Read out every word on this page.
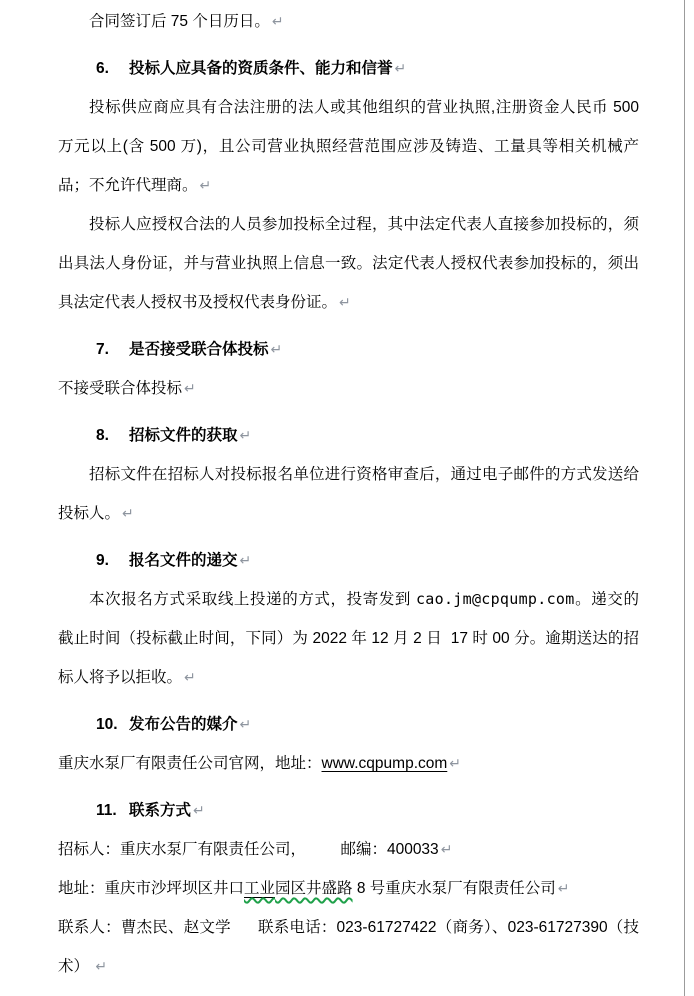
合同签订后 75 个日历日。 ↵

6. 投标人应具备的资质条件、能力和信誉 ↵

投标供应商应具有合法注册的法人或其他组织的营业执照,注册资金人民币 500 万元以上(含 500 万)，且公司营业执照经营范围应涉及铸造、工量具等相关机械产品；不允许代理商。 ↵

投标人应授权合法的人员参加投标全过程，其中法定代表人直接参加投标的，须出具法人身份证，并与营业执照上信息一致。法定代表人授权代表参加投标的，须出具法定代表人授权书及授权代表身份证。 ↵

7. 是否接受联合体投标 ↵

不接受联合体投标 ↵

8. 招标文件的获取 ↵

招标文件在招标人对投标报名单位进行资格审查后，通过电子邮件的方式发送给投标人。 ↵

9. 报名文件的递交 ↵

本次报名方式采取线上投递的方式，投寄发到 cao.jm@cpqump.com。递交的截止时间（投标截止时间，下同）为 2022 年 12 月 2 日  17 时 00 分。逾期送达的招标人将予以拒收。 ↵

10. 发布公告的媒介 ↵

重庆水泵厂有限责任公司官网，地址：www.cqpump.com ↵

11. 联系方式 ↵

招标人：重庆水泵厂有限责任公司，        邮编：400033 ↵

地址：重庆市沙坪坝区井口工业园区井盛路 8 号重庆水泵厂有限责任公司 ↵

联系人：曹杰民、赵文学      联系电话：023-61727422（商务）、023-61727390（技术） ↵
